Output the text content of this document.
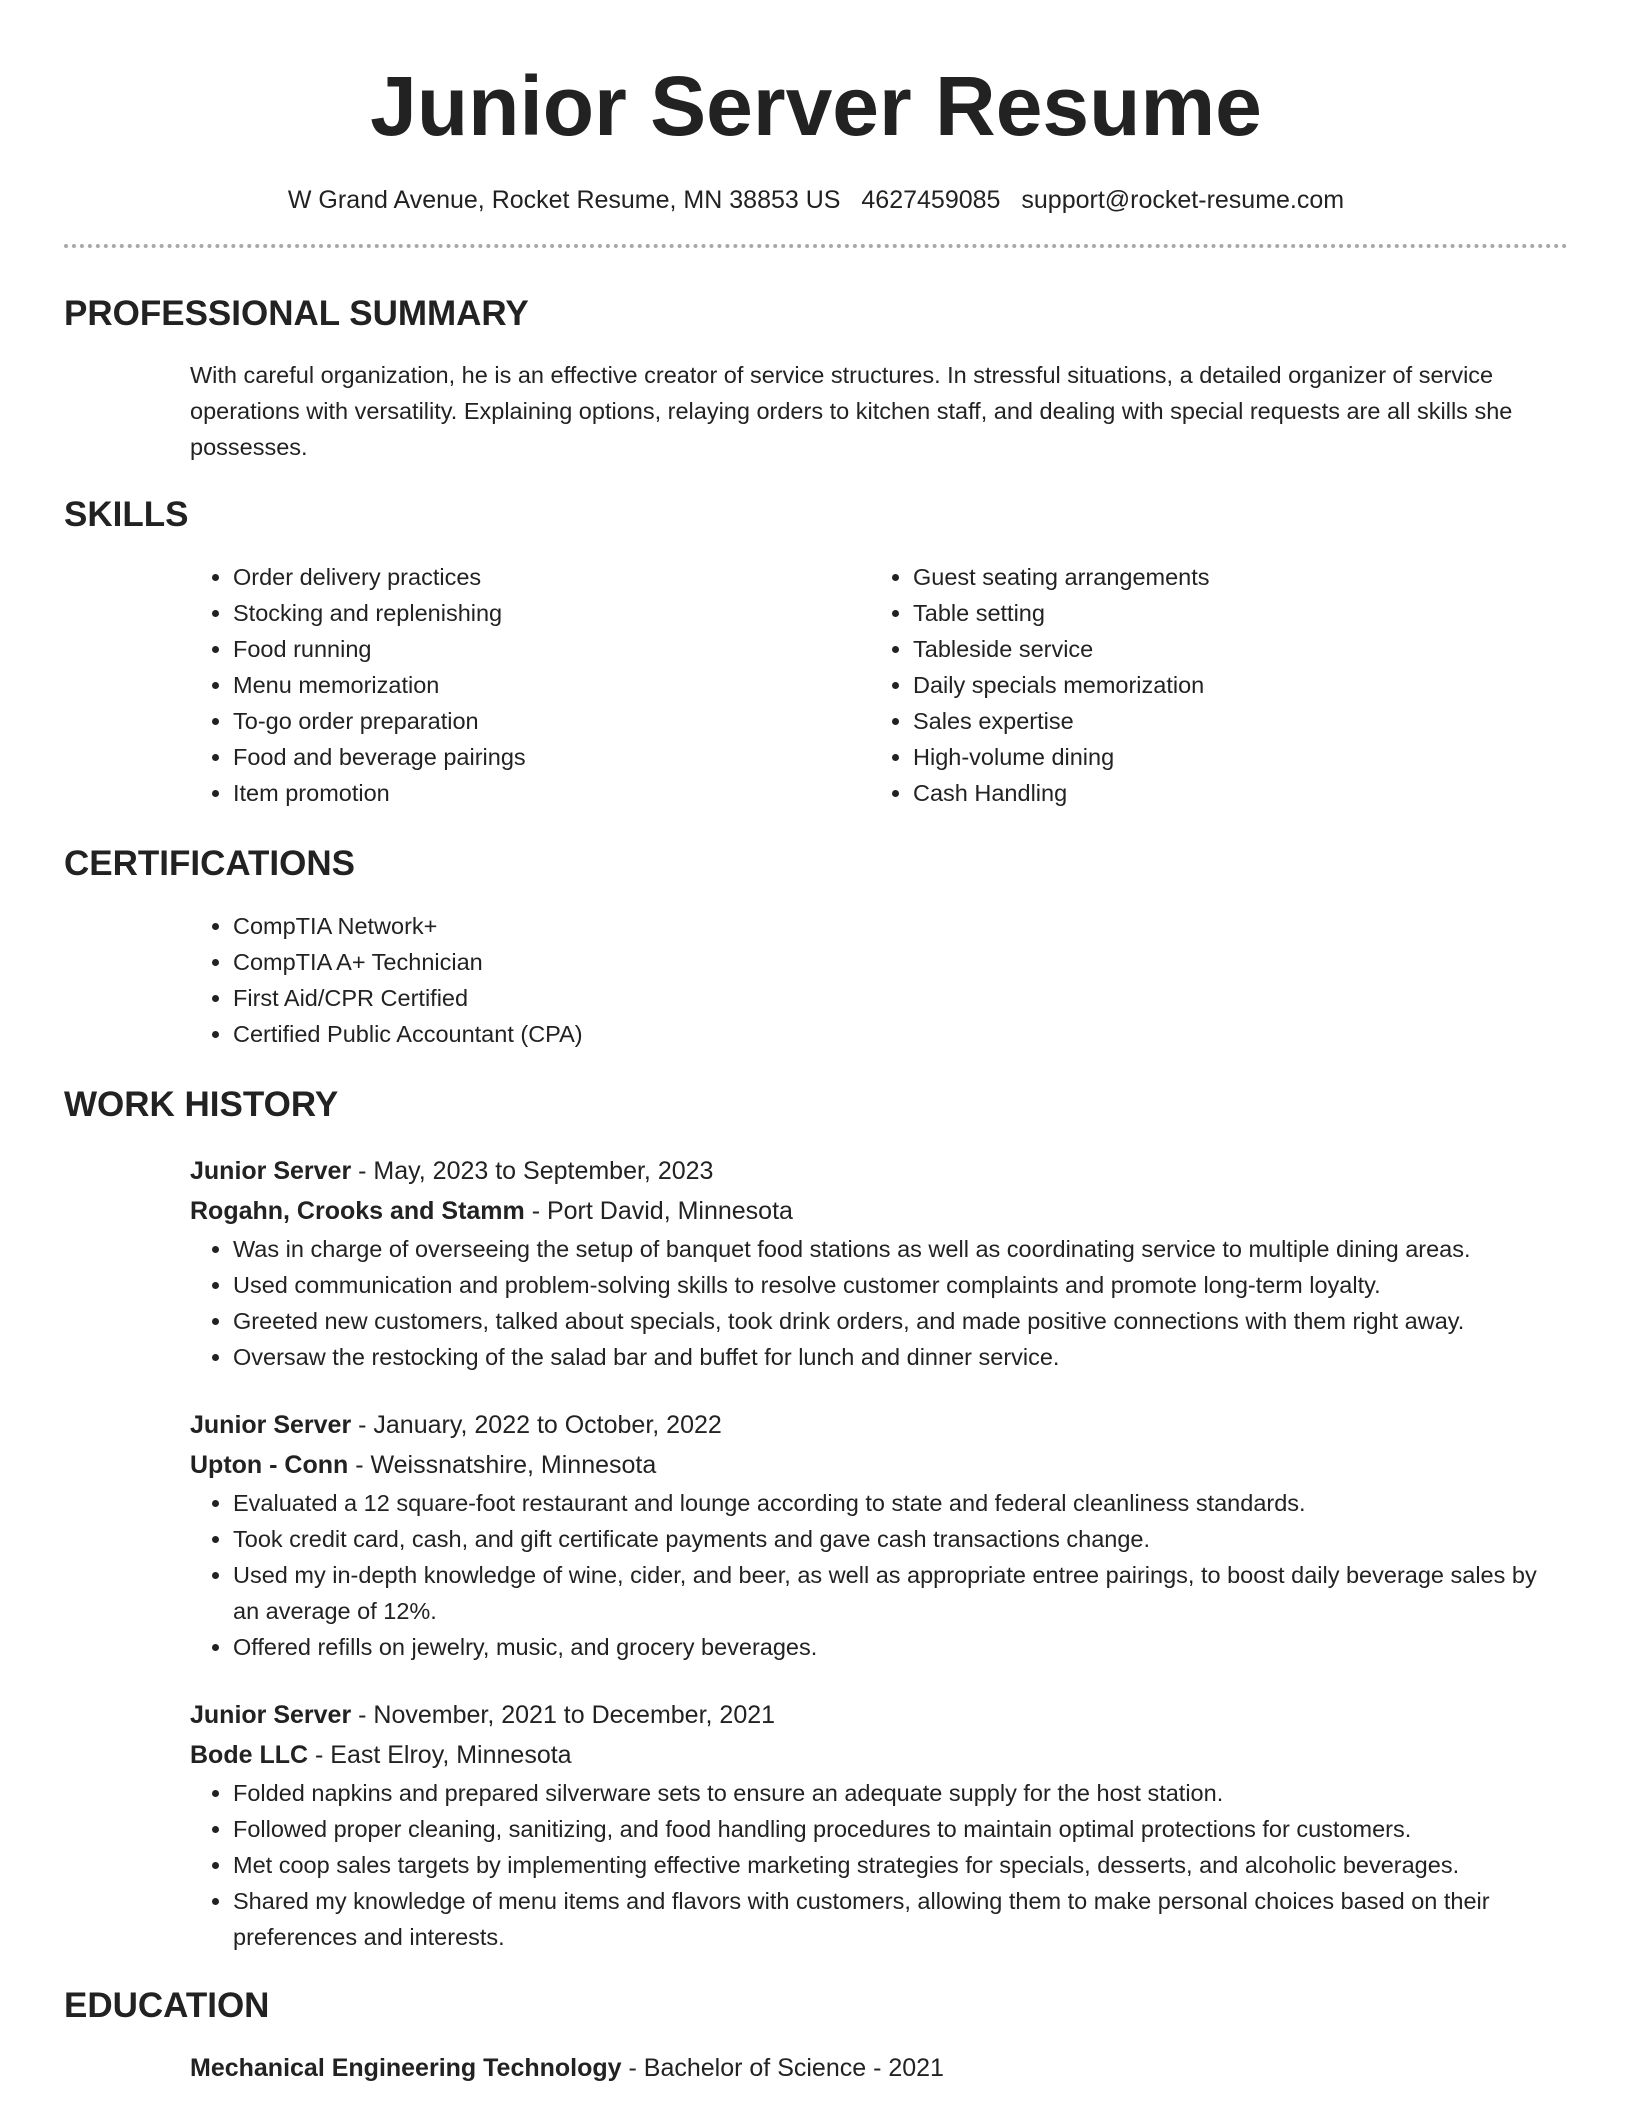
Junior Server Resume
W Grand Avenue, Rocket Resume, MN 38853 US 4627459085 support@rocket-resume.com
PROFESSIONAL SUMMARY
With careful organization, he is an effective creator of service structures. In stressful situations, a detailed organizer of service operations with versatility. Explaining options, relaying orders to kitchen staff, and dealing with special requests are all skills she possesses.
SKILLS
• Order delivery practices
• Stocking and replenishing
• Food running
• Menu memorization
• To-go order preparation
• Food and beverage pairings
• Item promotion
• Guest seating arrangements
• Table setting
• Tableside service
• Daily specials memorization
• Sales expertise
• High-volume dining
• Cash Handling
CERTIFICATIONS
• CompTIA Network+
• CompTIA A+ Technician
• First Aid/CPR Certified
• Certified Public Accountant (CPA)
WORK HISTORY
Junior Server - May, 2023 to September, 2023
Rogahn, Crooks and Stamm - Port David, Minnesota
• Was in charge of overseeing the setup of banquet food stations as well as coordinating service to multiple dining areas.
• Used communication and problem-solving skills to resolve customer complaints and promote long-term loyalty.
• Greeted new customers, talked about specials, took drink orders, and made positive connections with them right away.
• Oversaw the restocking of the salad bar and buffet for lunch and dinner service.
Junior Server - January, 2022 to October, 2022
Upton - Conn - Weissnatshire, Minnesota
• Evaluated a 12 square-foot restaurant and lounge according to state and federal cleanliness standards.
• Took credit card, cash, and gift certificate payments and gave cash transactions change.
• Used my in-depth knowledge of wine, cider, and beer, as well as appropriate entree pairings, to boost daily beverage sales by an average of 12%.
• Offered refills on jewelry, music, and grocery beverages.
Junior Server - November, 2021 to December, 2021
Bode LLC - East Elroy, Minnesota
• Folded napkins and prepared silverware sets to ensure an adequate supply for the host station.
• Followed proper cleaning, sanitizing, and food handling procedures to maintain optimal protections for customers.
• Met coop sales targets by implementing effective marketing strategies for specials, desserts, and alcoholic beverages.
• Shared my knowledge of menu items and flavors with customers, allowing them to make personal choices based on their preferences and interests.
EDUCATION
Mechanical Engineering Technology - Bachelor of Science - 2021
